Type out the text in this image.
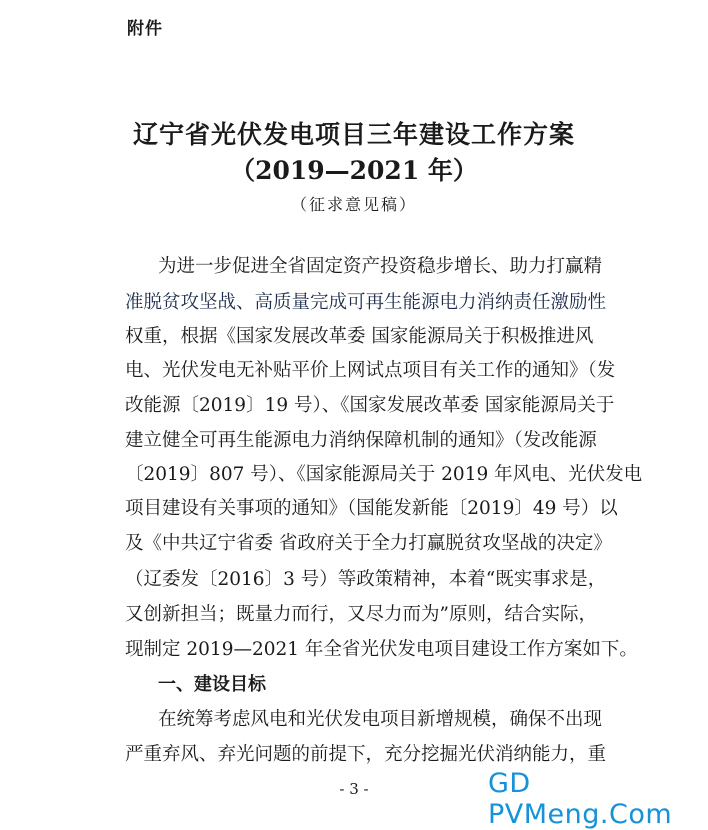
附件
辽宁省光伏发电项目三年建设工作方案
（2019—2021 年）
（征求意见稿）
为进一步促进全省固定资产投资稳步增长、助力打赢精
准脱贫攻坚战、高质量完成可再生能源电力消纳责任激励性
权重，根据《国家发展改革委 国家能源局关于积极推进风
电、光伏发电无补贴平价上网试点项目有关工作的通知》（发
改能源〔2019〕19 号）、《国家发展改革委 国家能源局关于
建立健全可再生能源电力消纳保障机制的通知》（发改能源
〔2019〕807 号）、《国家能源局关于 2019 年风电、光伏发电
项目建设有关事项的通知》（国能发新能〔2019〕49 号）以
及《中共辽宁省委 省政府关于全力打赢脱贫攻坚战的决定》
（辽委发〔2016〕3 号）等政策精神，本着“既实事求是，
又创新担当；既量力而行，又尽力而为”原则，结合实际，
现制定 2019—2021 年全省光伏发电项目建设工作方案如下。
一、建设目标
在统筹考虑风电和光伏发电项目新增规模，确保不出现
严重弃风、弃光问题的前提下，充分挖掘光伏消纳能力，重
- 3 -	GD PVMeng.Com
